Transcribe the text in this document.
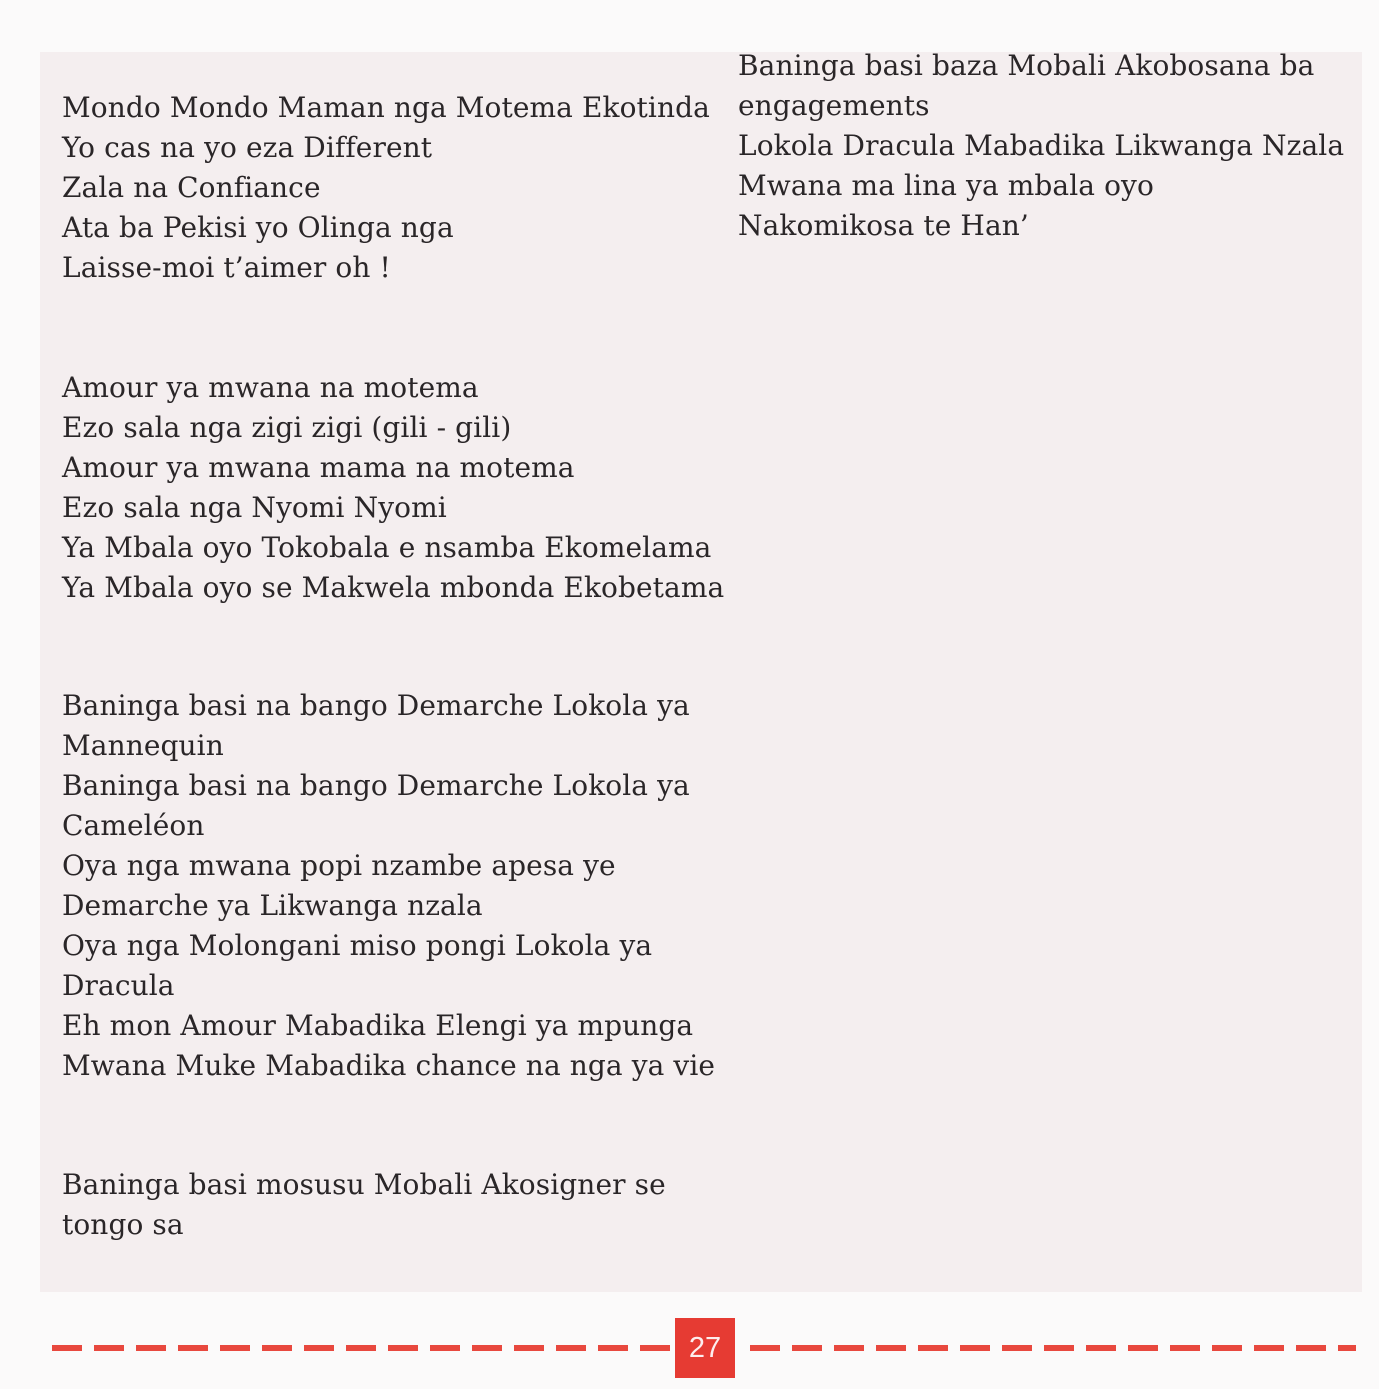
Mondo Mondo Maman nga Motema Ekotinda
Yo cas na yo eza Different
Zala na Confiance
Ata ba Pekisi yo Olinga nga
Laisse-moi t’aimer oh !
Amour ya mwana na motema
Ezo sala nga zigi zigi (gili - gili)
Amour ya mwana mama na motema
Ezo sala nga Nyomi Nyomi
Ya Mbala oyo Tokobala e nsamba Ekomelama
Ya Mbala oyo se Makwela mbonda Ekobetama
Baninga basi na bango Demarche Lokola ya
Mannequin
Baninga basi na bango Demarche Lokola ya
Cameléon
Oya nga mwana popi nzambe apesa ye
Demarche ya Likwanga nzala
Oya nga Molongani miso pongi Lokola ya
Dracula
Eh mon Amour Mabadika Elengi ya mpunga
Mwana Muke Mabadika chance na nga ya vie
Baninga basi mosusu Mobali Akosigner se
tongo sa
Baninga basi baza Mobali Akobosana ba
engagements
Lokola Dracula Mabadika Likwanga Nzala
Mwana ma lina ya mbala oyo
Nakomikosa te Han’
27
